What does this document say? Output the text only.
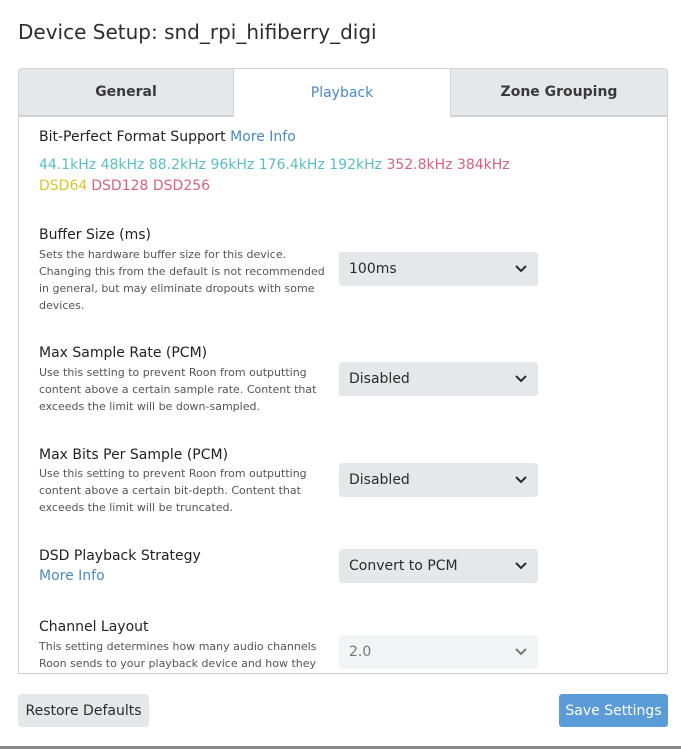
Device Setup: snd_rpi_hifiberry_digi
General	Zone Grouping
Playback
Bit-Perfect Format Support More Info
44.1kHz 48kHz 88.2kHz 96kHz 176.4kHz 192kHz 352.8kHz 384kHz
DSD64 DSD128 DSD256
Buffer Size (ms)
Sets the hardware buffer size for this device. Changing this from the default is not recommended in general, but may eliminate dropouts with some devices.
100ms
Max Sample Rate (PCM)
Use this setting to prevent Roon from outputting content above a certain sample rate. Content that exceeds the limit will be down-sampled.
Disabled
Max Bits Per Sample (PCM)
Use this setting to prevent Roon from outputting content above a certain bit-depth. Content that exceeds the limit will be truncated.
Disabled
DSD Playback Strategy
More Info
Convert to PCM
Channel Layout
This setting determines how many audio channels Roon sends to your playback device and how they
2.0
Restore Defaults	Save Settings
